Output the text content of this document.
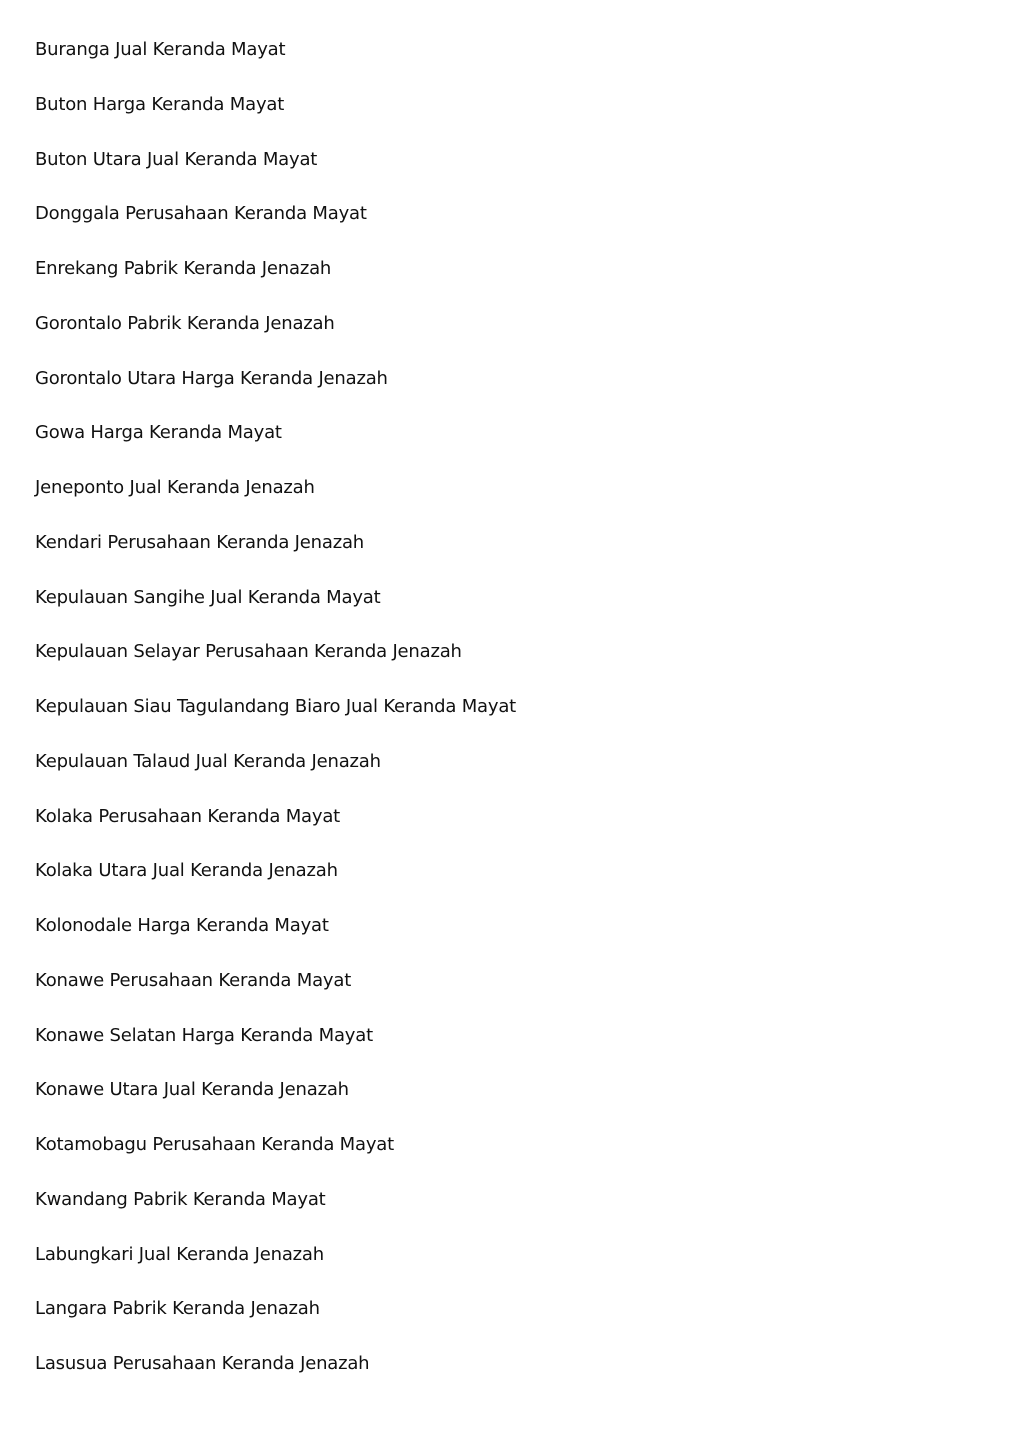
Buranga Jual Keranda Mayat
Buton Harga Keranda Mayat
Buton Utara Jual Keranda Mayat
Donggala Perusahaan Keranda Mayat
Enrekang Pabrik Keranda Jenazah
Gorontalo Pabrik Keranda Jenazah
Gorontalo Utara Harga Keranda Jenazah
Gowa Harga Keranda Mayat
Jeneponto Jual Keranda Jenazah
Kendari Perusahaan Keranda Jenazah
Kepulauan Sangihe Jual Keranda Mayat
Kepulauan Selayar Perusahaan Keranda Jenazah
Kepulauan Siau Tagulandang Biaro Jual Keranda Mayat
Kepulauan Talaud Jual Keranda Jenazah
Kolaka Perusahaan Keranda Mayat
Kolaka Utara Jual Keranda Jenazah
Kolonodale Harga Keranda Mayat
Konawe Perusahaan Keranda Mayat
Konawe Selatan Harga Keranda Mayat
Konawe Utara Jual Keranda Jenazah
Kotamobagu Perusahaan Keranda Mayat
Kwandang Pabrik Keranda Mayat
Labungkari Jual Keranda Jenazah
Langara Pabrik Keranda Jenazah
Lasusua Perusahaan Keranda Jenazah
